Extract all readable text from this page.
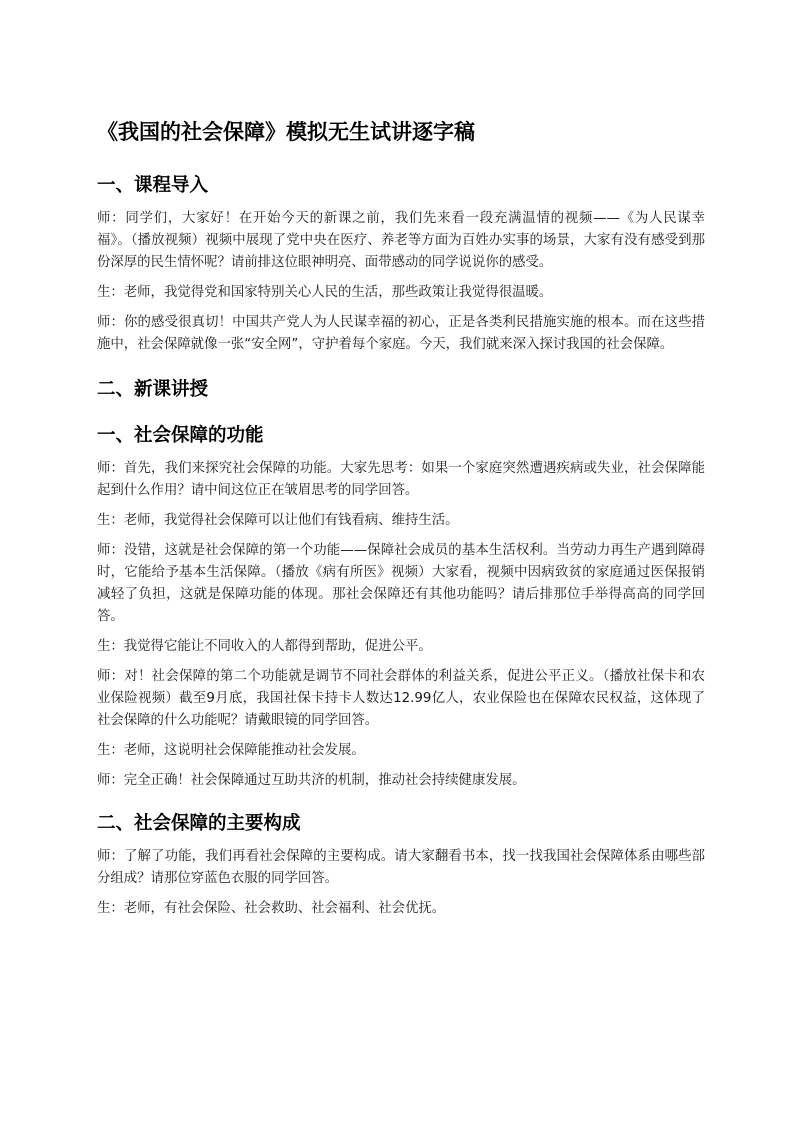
《我国的社会保障》模拟无生试讲逐字稿
一、课程导入

师：同学们，大家好！在开始今天的新课之前，我们先来看一段充满温情的视频——《为人民谋幸福》。（播放视频）视频中展现了党中央在医疗、养老等方面为百姓办实事的场景，大家有没有感受到那份深厚的民生情怀呢？请前排这位眼神明亮、面带感动的同学说说你的感受。

生：老师，我觉得党和国家特别关心人民的生活，那些政策让我觉得很温暖。

师：你的感受很真切！中国共产党人为人民谋幸福的初心，正是各类利民措施实施的根本。而在这些措施中，社会保障就像一张“安全网”，守护着每个家庭。今天，我们就来深入探讨我国的社会保障。

二、新课讲授
一、社会保障的功能

师：首先，我们来探究社会保障的功能。大家先思考：如果一个家庭突然遭遇疾病或失业，社会保障能起到什么作用？请中间这位正在皱眉思考的同学回答。

生：老师，我觉得社会保障可以让他们有钱看病、维持生活。

师：没错，这就是社会保障的第一个功能——保障社会成员的基本生活权利。当劳动力再生产遇到障碍时，它能给予基本生活保障。（播放《病有所医》视频）大家看，视频中因病致贫的家庭通过医保报销减轻了负担，这就是保障功能的体现。那社会保障还有其他功能吗？请后排那位手举得高高的同学回答。

生：我觉得它能让不同收入的人都得到帮助，促进公平。

师：对！社会保障的第二个功能就是调节不同社会群体的利益关系，促进公平正义。（播放社保卡和农业保险视频）截至9月底，我国社保卡持卡人数达12.99亿人，农业保险也在保障农民权益，这体现了社会保障的什么功能呢？请戴眼镜的同学回答。

生：老师，这说明社会保障能推动社会发展。

师：完全正确！社会保障通过互助共济的机制，推动社会持续健康发展。

二、社会保障的主要构成

师：了解了功能，我们再看社会保障的主要构成。请大家翻看书本，找一找我国社会保障体系由哪些部分组成？请那位穿蓝色衣服的同学回答。

生：老师，有社会保险、社会救助、社会福利、社会优抚。
